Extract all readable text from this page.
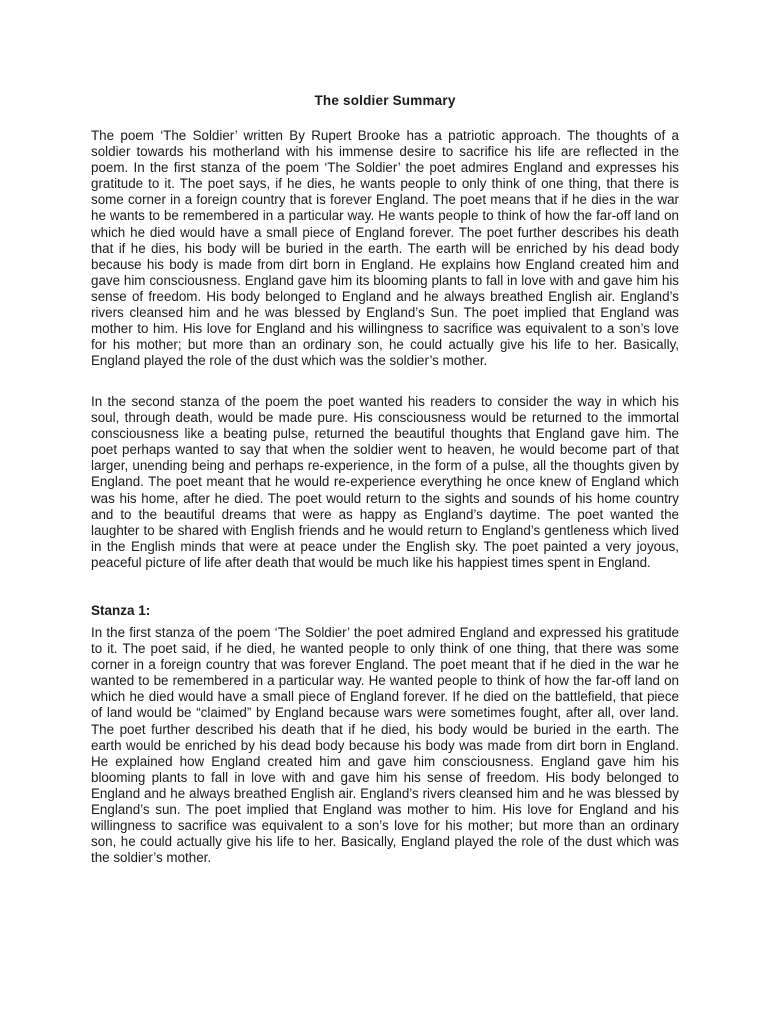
The soldier Summary

The poem ‘The Soldier’ written By Rupert Brooke has a patriotic approach. The thoughts of a soldier towards his motherland with his immense desire to sacrifice his life are reflected in the poem. In the first stanza of the poem ‘The Soldier’ the poet admires England and expresses his gratitude to it. The poet says, if he dies, he wants people to only think of one thing, that there is some corner in a foreign country that is forever England. The poet means that if he dies in the war he wants to be remembered in a particular way. He wants people to think of how the far-off land on which he died would have a small piece of England forever. The poet further describes his death that if he dies, his body will be buried in the earth. The earth will be enriched by his dead body because his body is made from dirt born in England. He explains how England created him and gave him consciousness. England gave him its blooming plants to fall in love with and gave him his sense of freedom. His body belonged to England and he always breathed English air. England’s rivers cleansed him and he was blessed by England’s Sun. The poet implied that England was mother to him. His love for England and his willingness to sacrifice was equivalent to a son’s love for his mother; but more than an ordinary son, he could actually give his life to her. Basically, England played the role of the dust which was the soldier’s mother.

In the second stanza of the poem the poet wanted his readers to consider the way in which his soul, through death, would be made pure. His consciousness would be returned to the immortal consciousness like a beating pulse, returned the beautiful thoughts that England gave him. The poet perhaps wanted to say that when the soldier went to heaven, he would become part of that larger, unending being and perhaps re-experience, in the form of a pulse, all the thoughts given by England. The poet meant that he would re-experience everything he once knew of England which was his home, after he died. The poet would return to the sights and sounds of his home country and to the beautiful dreams that were as happy as England’s daytime. The poet wanted the laughter to be shared with English friends and he would return to England’s gentleness which lived in the English minds that were at peace under the English sky. The poet painted a very joyous, peaceful picture of life after death that would be much like his happiest times spent in England.

Stanza 1:

In the first stanza of the poem ‘The Soldier’ the poet admired England and expressed his gratitude to it. The poet said, if he died, he wanted people to only think of one thing, that there was some corner in a foreign country that was forever England. The poet meant that if he died in the war he wanted to be remembered in a particular way. He wanted people to think of how the far-off land on which he died would have a small piece of England forever. If he died on the battlefield, that piece of land would be “claimed” by England because wars were sometimes fought, after all, over land. The poet further described his death that if he died, his body would be buried in the earth. The earth would be enriched by his dead body because his body was made from dirt born in England. He explained how England created him and gave him consciousness. England gave him his blooming plants to fall in love with and gave him his sense of freedom. His body belonged to England and he always breathed English air. England’s rivers cleansed him and he was blessed by England’s sun. The poet implied that England was mother to him. His love for England and his willingness to sacrifice was equivalent to a son’s love for his mother; but more than an ordinary son, he could actually give his life to her. Basically, England played the role of the dust which was the soldier’s mother.
